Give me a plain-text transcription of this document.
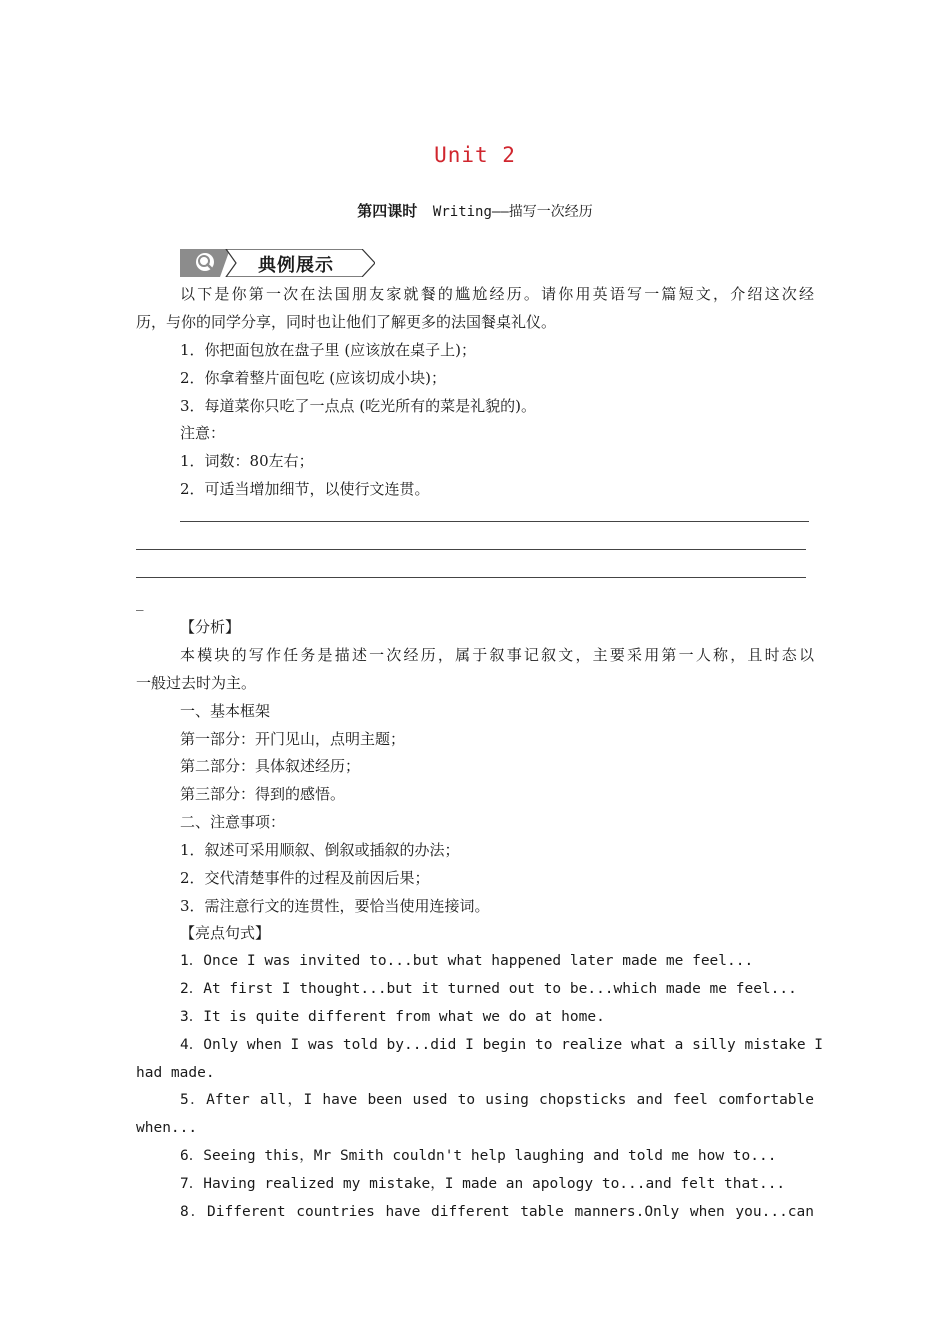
Unit 2
第四课时 Writing——描写一次经历
典例展示
以下是你第一次在法国朋友家就餐的尴尬经历。请你用英语写一篇短文，介绍这次经
历，与你的同学分享，同时也让他们了解更多的法国餐桌礼仪。
1．你把面包放在盘子里 (应该放在桌子上)；
2．你拿着整片面包吃 (应该切成小块)；
3．每道菜你只吃了一点点 (吃光所有的菜是礼貌的)。
注意：
1．词数：80左右；
2．可适当增加细节，以使行文连贯。
_
【分析】
本模块的写作任务是描述一次经历，属于叙事记叙文，主要采用第一人称，且时态以
一般过去时为主。
一、基本框架
第一部分：开门见山，点明主题；
第二部分：具体叙述经历；
第三部分：得到的感悟。
二、注意事项：
1．叙述可采用顺叙、倒叙或插叙的办法；
2．交代清楚事件的过程及前因后果；
3．需注意行文的连贯性，要恰当使用连接词。
【亮点句式】
1．Once I was invited to...but what happened later made me feel...
2．At first I thought...but it turned out to be...which made me feel...
3．It is quite different from what we do at home.
4．Only when I was told by...did I begin to realize what a silly mistake I
had made.
5．After all，I have been used to using chopsticks and feel comfortable
when...
6．Seeing this，Mr Smith couldn't help laughing and told me how to...
7．Having realized my mistake，I made an apology to...and felt that...
8．Different countries have different table manners.Only when you...can
